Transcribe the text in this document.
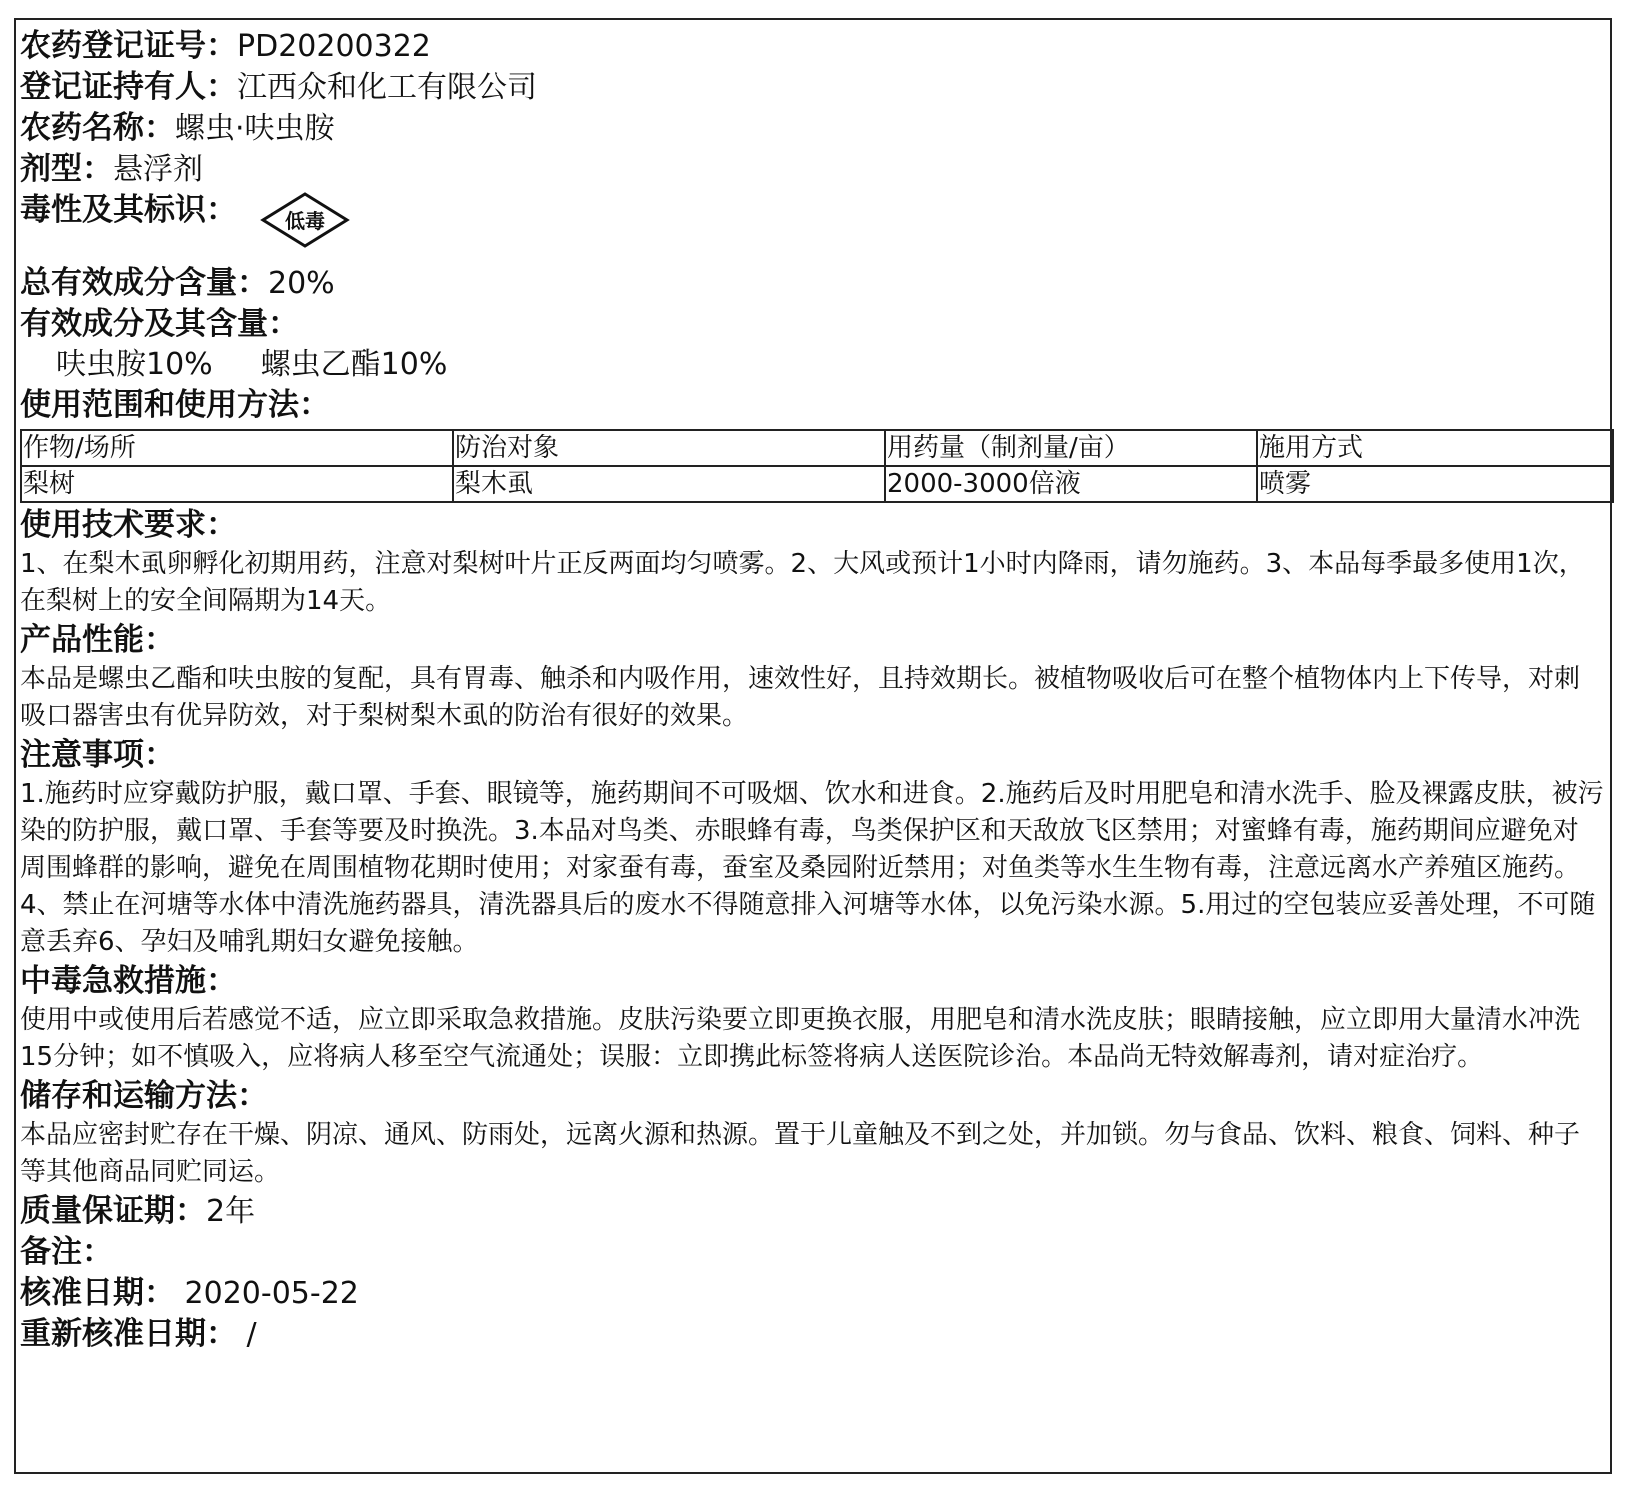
农药登记证号：PD20200322
登记证持有人：江西众和化工有限公司
农药名称：螺虫·呋虫胺
剂型：悬浮剂
毒性及其标识： 低毒
总有效成分含量：20%
有效成分及其含量：
呋虫胺10% 螺虫乙酯10%
使用范围和使用方法：
作物/场所	防治对象	用药量（制剂量/亩）	施用方式
梨树	梨木虱	2000-3000倍液	喷雾
使用技术要求：
1、在梨木虱卵孵化初期用药，注意对梨树叶片正反两面均匀喷雾。2、大风或预计1小时内降雨，请勿施药。3、本品每季最多使用1次，在梨树上的安全间隔期为14天。
产品性能：
本品是螺虫乙酯和呋虫胺的复配，具有胃毒、触杀和内吸作用，速效性好，且持效期长。被植物吸收后可在整个植物体内上下传导，对刺吸口器害虫有优异防效，对于梨树梨木虱的防治有很好的效果。
注意事项：
1.施药时应穿戴防护服，戴口罩、手套、眼镜等，施药期间不可吸烟、饮水和进食。2.施药后及时用肥皂和清水洗手、脸及裸露皮肤，被污染的防护服，戴口罩、手套等要及时换洗。3.本品对鸟类、赤眼蜂有毒，鸟类保护区和天敌放飞区禁用；对蜜蜂有毒，施药期间应避免对周围蜂群的影响，避免在周围植物花期时使用；对家蚕有毒，蚕室及桑园附近禁用；对鱼类等水生生物有毒，注意远离水产养殖区施药。4、禁止在河塘等水体中清洗施药器具，清洗器具后的废水不得随意排入河塘等水体，以免污染水源。5.用过的空包装应妥善处理，不可随意丢弃6、孕妇及哺乳期妇女避免接触。
中毒急救措施：
使用中或使用后若感觉不适，应立即采取急救措施。皮肤污染要立即更换衣服，用肥皂和清水洗皮肤；眼睛接触，应立即用大量清水冲洗15分钟；如不慎吸入，应将病人移至空气流通处；误服：立即携此标签将病人送医院诊治。本品尚无特效解毒剂，请对症治疗。
储存和运输方法：
本品应密封贮存在干燥、阴凉、通风、防雨处，远离火源和热源。置于儿童触及不到之处，并加锁。勿与食品、饮料、粮食、饲料、种子等其他商品同贮同运。
质量保证期：2年
备注：
核准日期： 2020-05-22
重新核准日期： /
